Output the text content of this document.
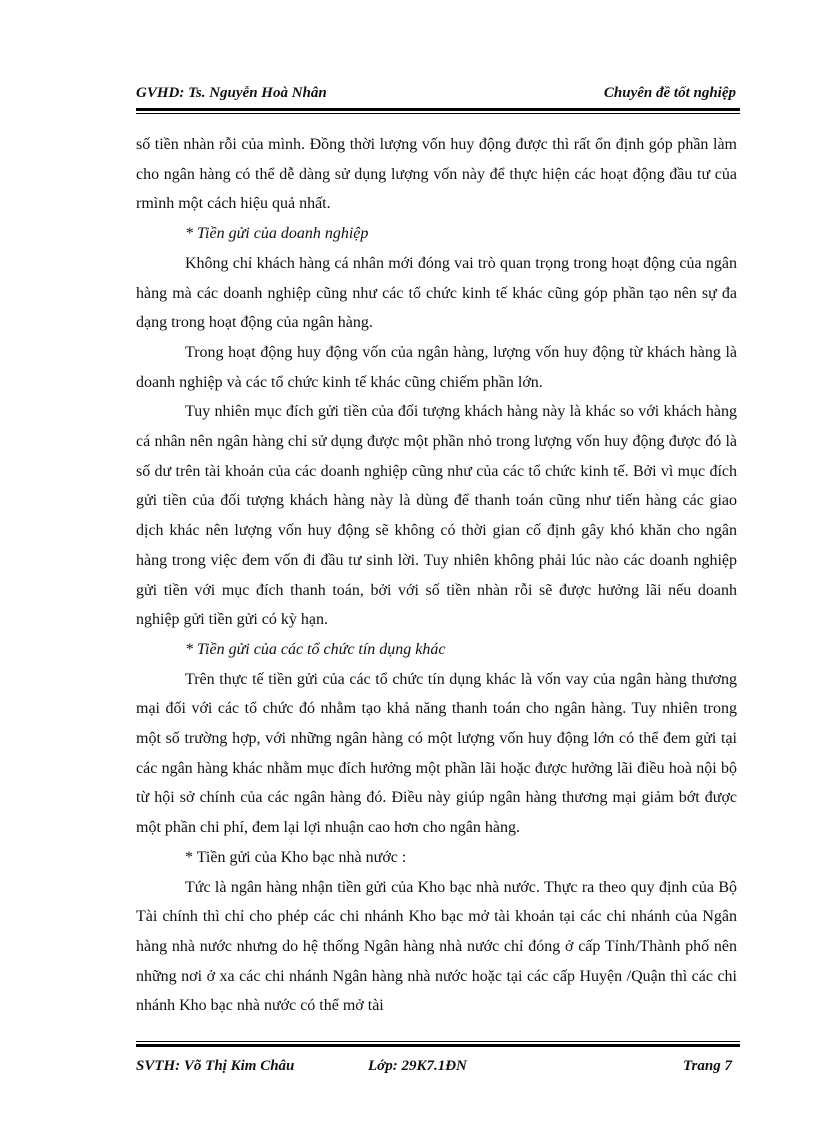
GVHD: Ts. Nguyễn Hoà Nhân	Chuyên đề tốt nghiệp

số tiền nhàn rỗi của mình. Đồng thời lượng vốn huy động được thì rất ổn định góp phần làm cho ngân hàng có thể dễ dàng sử dụng lượng vốn này để thực hiện các hoạt động đầu tư của rmình một cách hiệu quả nhất.

* Tiền gửi của doanh nghiệp

Không chỉ khách hàng cá nhân mới đóng vai trò quan trọng trong hoạt động của ngân hàng mà các doanh nghiệp cũng như các tổ chức kinh tế khác cũng góp phần tạo nên sự đa dạng trong hoạt động của ngân hàng.

Trong hoạt động huy động vốn của ngân hàng, lượng vốn huy động từ khách hàng là doanh nghiệp và các tổ chức kinh tế khác cũng chiếm phần lớn.

Tuy nhiên mục đích gửi tiền của đối tượng khách hàng này là khác so với khách hàng cá nhân nên ngân hàng chỉ sử dụng được một phần nhỏ trong lượng vốn huy động được đó là số dư trên tài khoản của các doanh nghiệp cũng như của các tổ chức kinh tế. Bởi vì mục đích gửi tiền của đối tượng khách hàng này là dùng để thanh toán cũng như tiến hàng các giao dịch khác nên lượng vốn huy động sẽ không có thời gian cố định gây khó khăn cho ngân hàng trong việc đem vốn đi đầu tư sinh lời. Tuy nhiên không phải lúc nào các doanh nghiệp gửi tiền với mục đích thanh toán, bởi với số tiền nhàn rỗi sẽ được hưởng lãi nếu doanh nghiệp gửi tiền gửi có kỳ hạn.

* Tiền gửi của các tổ chức tín dụng khác

Trên thực tế tiền gửi của các tổ chức tín dụng khác là vốn vay của ngân hàng thương mại đối với các tổ chức đó nhằm tạo khả năng thanh toán cho ngân hàng. Tuy nhiên trong một số trường hợp, với những ngân hàng có một lượng vốn huy động lớn có thể đem gửi tại các ngân hàng khác nhằm mục đích hưởng một phần lãi hoặc được hưởng lãi điều hoà nội bộ từ hội sở chính của các ngân hàng đó. Điều này giúp ngân hàng thương mại giảm bớt được một phần chi phí, đem lại lợi nhuận cao hơn cho ngân hàng.

* Tiền gửi của Kho bạc nhà nước :

Tức là ngân hàng nhận tiền gửi của Kho bạc nhà nước. Thực ra theo quy định của Bộ Tài chính thì chỉ cho phép các chi nhánh Kho bạc mở tài khoản tại các chi nhánh của Ngân hàng nhà nước nhưng do hệ thống Ngân hàng nhà nước chỉ đóng ở cấp Tỉnh/Thành phố nên những nơi ở xa các chi nhánh Ngân hàng nhà nước hoặc tại các cấp Huyện /Quận thì các chi nhánh Kho bạc nhà nước có thể mở tài

SVTH: Võ Thị Kim Châu	Lớp: 29K7.1ĐN	Trang 7
